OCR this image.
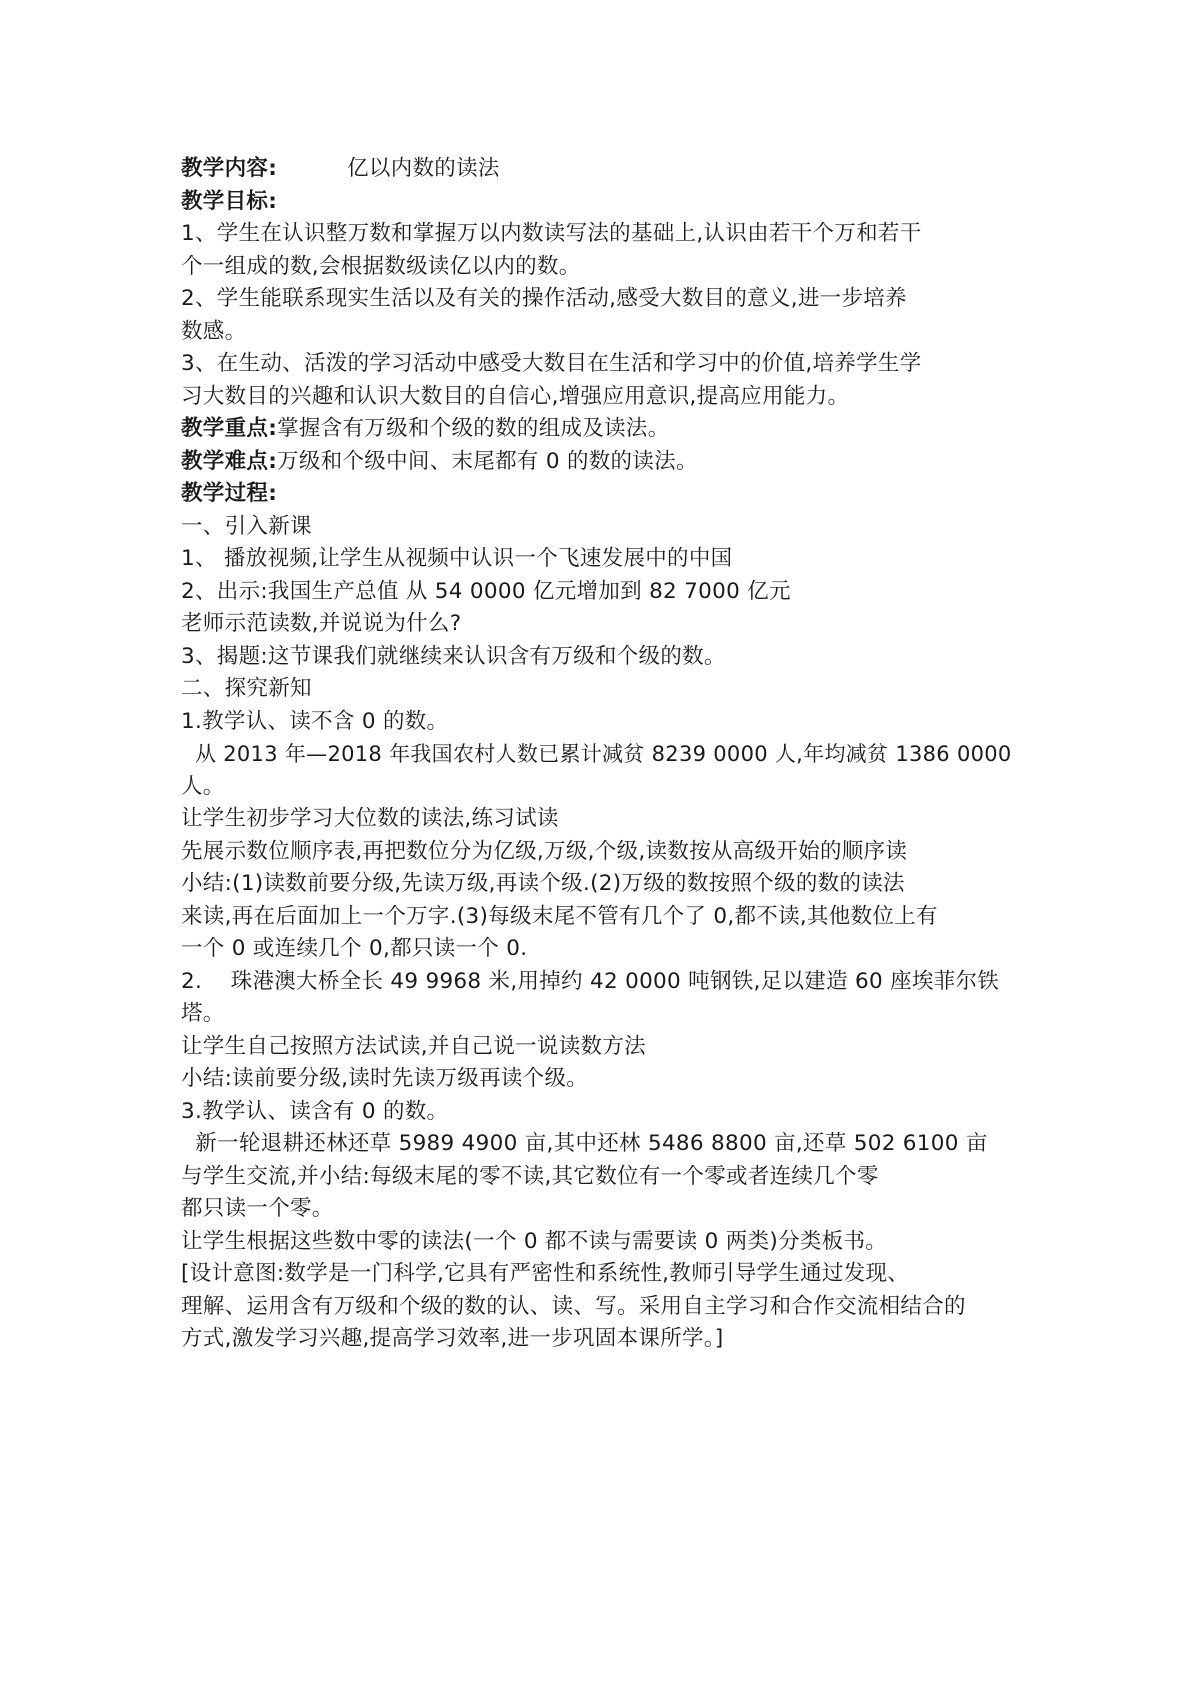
教学内容:	亿以内数的读法
教学目标:
1、学生在认识整万数和掌握万以内数读写法的基础上,认识由若干个万和若干
个一组成的数,会根据数级读亿以内的数。
2、学生能联系现实生活以及有关的操作活动,感受大数目的意义,进一步培养
数感。
3、在生动、活泼的学习活动中感受大数目在生活和学习中的价值,培养学生学
习大数目的兴趣和认识大数目的自信心,增强应用意识,提高应用能力。
教学重点:掌握含有万级和个级的数的组成及读法。
教学难点:万级和个级中间、末尾都有 0 的数的读法。
教学过程:
一、引入新课
1、 播放视频,让学生从视频中认识一个飞速发展中的中国
2、出示:我国生产总值 从 54 0000 亿元增加到 82 7000 亿元
老师示范读数,并说说为什么?
3、揭题:这节课我们就继续来认识含有万级和个级的数。
二、探究新知
1.教学认、读不含 0 的数。
从 2013 年—2018 年我国农村人数已累计减贫 8239 0000 人,年均减贫 1386 0000
人。
让学生初步学习大位数的读法,练习试读
先展示数位顺序表,再把数位分为亿级,万级,个级,读数按从高级开始的顺序读
小结:(1)读数前要分级,先读万级,再读个级.(2)万级的数按照个级的数的读法
来读,再在后面加上一个万字.(3)每级末尾不管有几个了 0,都不读,其他数位上有
一个 0 或连续几个 0,都只读一个 0.
2.    珠港澳大桥全长 49 9968 米,用掉约 42 0000 吨钢铁,足以建造 60 座埃菲尔铁
塔。
让学生自己按照方法试读,并自己说一说读数方法
小结:读前要分级,读时先读万级再读个级。
3.教学认、读含有 0 的数。
新一轮退耕还林还草 5989 4900 亩,其中还林 5486 8800 亩,还草 502 6100 亩
与学生交流,并小结:每级末尾的零不读,其它数位有一个零或者连续几个零
都只读一个零。
让学生根据这些数中零的读法(一个 0 都不读与需要读 0 两类)分类板书。
[设计意图:数学是一门科学,它具有严密性和系统性,教师引导学生通过发现、
理解、运用含有万级和个级的数的认、读、写。采用自主学习和合作交流相结合的
方式,激发学习兴趣,提高学习效率,进一步巩固本课所学。]
